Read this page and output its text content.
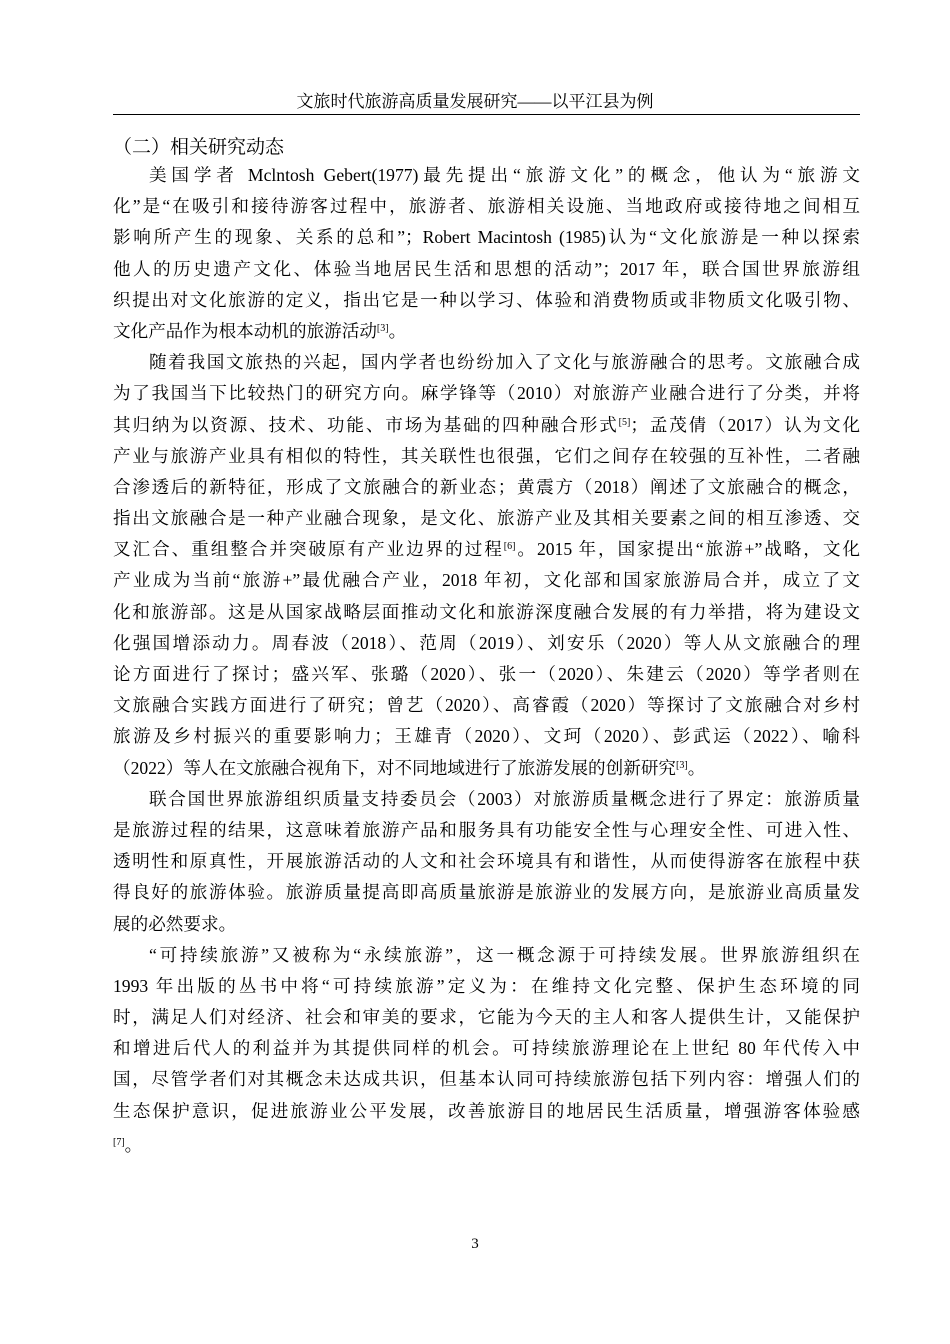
文旅时代旅游高质量发展研究——以平江县为例
（二）相关研究动态
美国学者 Mclntosh Gebert(1977)最先提出“旅游文化”的概念，他认为“旅游文
化”是“在吸引和接待游客过程中，旅游者、旅游相关设施、当地政府或接待地之间相互
影响所产生的现象、关系的总和”；Robert Macintosh (1985)认为“文化旅游是一种以探索
他人的历史遗产文化、体验当地居民生活和思想的活动”；2017 年，联合国世界旅游组
织提出对文化旅游的定义，指出它是一种以学习、体验和消费物质或非物质文化吸引物、
文化产品作为根本动机的旅游活动[3]。
随着我国文旅热的兴起，国内学者也纷纷加入了文化与旅游融合的思考。文旅融合成
为了我国当下比较热门的研究方向。麻学锋等（2010）对旅游产业融合进行了分类，并将
其归纳为以资源、技术、功能、市场为基础的四种融合形式[5]；孟茂倩（2017）认为文化
产业与旅游产业具有相似的特性，其关联性也很强，它们之间存在较强的互补性，二者融
合渗透后的新特征，形成了文旅融合的新业态；黄震方（2018）阐述了文旅融合的概念，
指出文旅融合是一种产业融合现象，是文化、旅游产业及其相关要素之间的相互渗透、交
叉汇合、重组整合并突破原有产业边界的过程[6]。2015 年，国家提出“旅游+”战略，文化
产业成为当前“旅游+”最优融合产业，2018 年初，文化部和国家旅游局合并，成立了文
化和旅游部。这是从国家战略层面推动文化和旅游深度融合发展的有力举措，将为建设文
化强国增添动力。周春波（2018）、范周（2019）、刘安乐（2020）等人从文旅融合的理
论方面进行了探讨；盛兴军、张璐（2020）、张一（2020）、朱建云（2020）等学者则在
文旅融合实践方面进行了研究；曾艺（2020）、高睿霞（2020）等探讨了文旅融合对乡村
旅游及乡村振兴的重要影响力；王雄青（2020）、文珂（2020）、彭武运（2022）、喻科
（2022）等人在文旅融合视角下，对不同地域进行了旅游发展的创新研究[3]。
联合国世界旅游组织质量支持委员会（2003）对旅游质量概念进行了界定：旅游质量
是旅游过程的结果，这意味着旅游产品和服务具有功能安全性与心理安全性、可进入性、
透明性和原真性，开展旅游活动的人文和社会环境具有和谐性，从而使得游客在旅程中获
得良好的旅游体验。旅游质量提高即高质量旅游是旅游业的发展方向，是旅游业高质量发
展的必然要求。
“可持续旅游”又被称为“永续旅游”，这一概念源于可持续发展。世界旅游组织在
1993 年出版的丛书中将“可持续旅游”定义为：在维持文化完整、保护生态环境的同
时，满足人们对经济、社会和审美的要求，它能为今天的主人和客人提供生计，又能保护
和增进后代人的利益并为其提供同样的机会。可持续旅游理论在上世纪 80 年代传入中
国，尽管学者们对其概念未达成共识，但基本认同可持续旅游包括下列内容：增强人们的
生态保护意识，促进旅游业公平发展，改善旅游目的地居民生活质量，增强游客体验感
[7]。
3
